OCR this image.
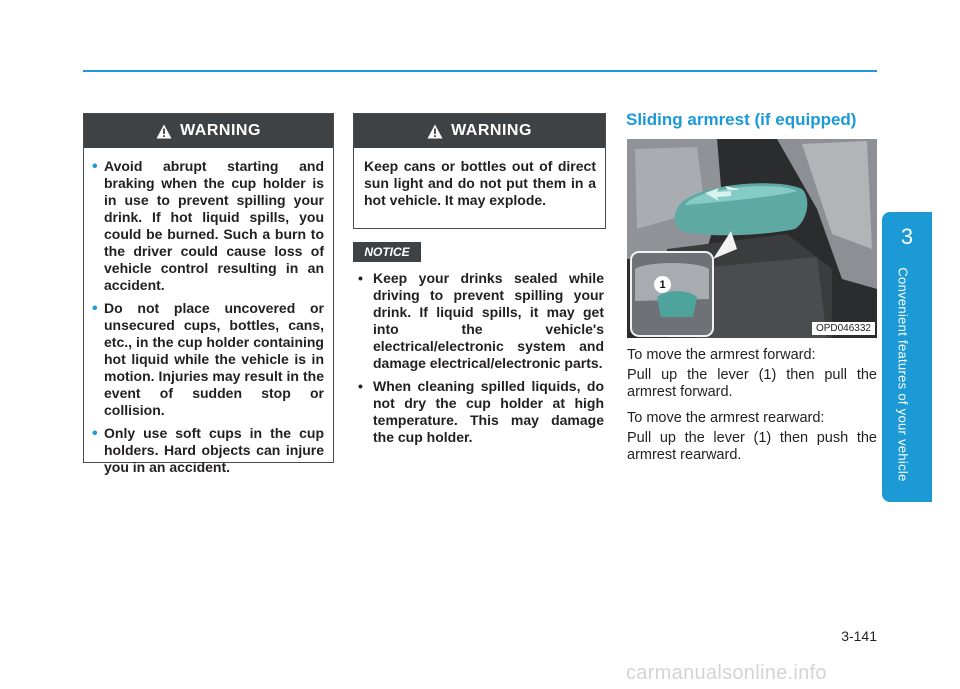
WARNING
• Avoid abrupt starting and braking when the cup holder is in use to prevent spilling your drink. If hot liquid spills, you could be burned. Such a burn to the driver could cause loss of vehicle control resulting in an accident.
• Do not place uncovered or unsecured cups, bottles, cans, etc., in the cup holder containing hot liquid while the vehicle is in motion. Injuries may result in the event of sudden stop or collision.
• Only use soft cups in the cup holders. Hard objects can injure you in an accident.
WARNING

Keep cans or bottles out of direct sun light and do not put them in a hot vehicle. It may explode.

NOTICE
• Keep your drinks sealed while driving to prevent spilling your drink. If liquid spills, it may get into the vehicle's electrical/electronic system and damage electrical/electronic parts.
• When cleaning spilled liquids, do not dry the cup holder at high temperature. This may damage the cup holder.
Sliding armrest (if equipped)
1
OPD046332

To move the armrest forward:

Pull up the lever (1) then pull the armrest forward.

To move the armrest rearward:

Pull up the lever (1) then push the armrest rearward.

3
Convenient features of your vehicle
3-141
carmanualsonline.info
